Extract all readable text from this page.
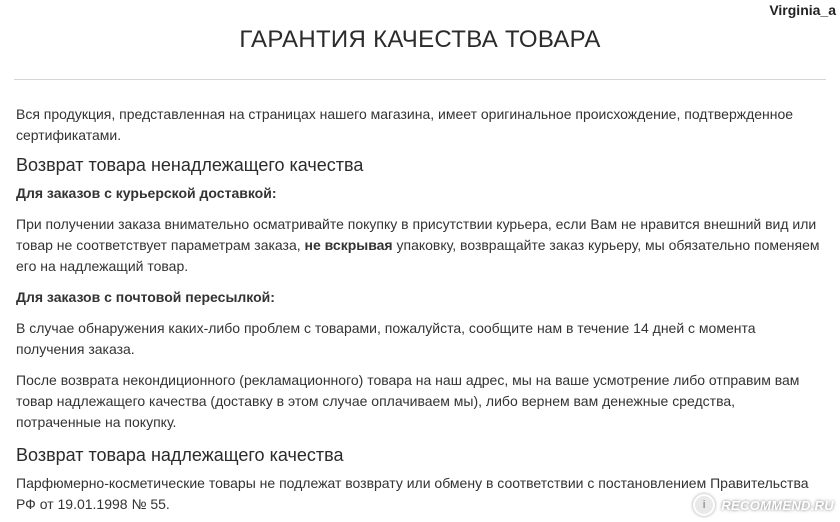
Virginia_a
ГАРАНТИЯ КАЧЕСТВА ТОВАРА

Вся продукция, представленная на страницах нашего магазина, имеет оригинальное происхождение, подтвержденное сертификатами.

Возврат товара ненадлежащего качества

Для заказов с курьерской доставкой:

При получении заказа внимательно осматривайте покупку в присутствии курьера, если Вам не нравится внешний вид или товар не соответствует параметрам заказа, не вскрывая упаковку, возвращайте заказ курьеру, мы обязательно поменяем его на надлежащий товар.

Для заказов с почтовой пересылкой:

В случае обнаружения каких-либо проблем с товарами, пожалуйста, сообщите нам в течение 14 дней с момента получения заказа.

После возврата некондиционного (рекламационного) товара на наш адрес, мы на ваше усмотрение либо отправим вам товар надлежащего качества (доставку в этом случае оплачиваем мы), либо вернем вам денежные средства, потраченные на покупку.

Возврат товара надлежащего качества

Парфюмерно-косметические товары не подлежат возврату или обмену в соответствии с постановлением Правительства РФ от 19.01.1998 № 55.	i	RECOMMEND.RU
